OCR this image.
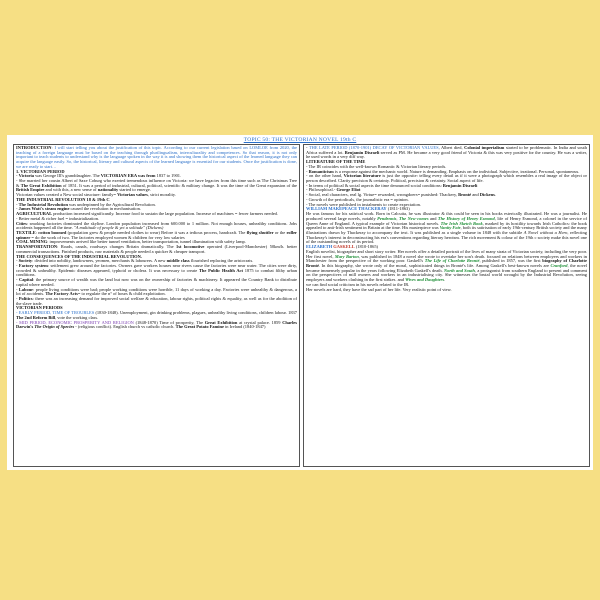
TOPIC 50: THE VICTORIAN NOVEL 19th C

INTRODUCTION: I will start telling you about the justification of this topic. According to our current legislation based on LOMLOE from 2020, the teaching of a foreign language must be based on the teaching through plurilingualism, interculturality and competences. So that reason, it is not only important to teach students to understand why is the language spoken in the way it is and showing them the historical aspect of the learned language they can acquire the language easily. So, the historical, literary and cultural aspects of the learned language is essential for our students. Once the justification is done, we are ready to start…

1. VICTORIAN PERIOD

- Victoria was George III's granddaughter. The VICTORIAN ERA was from 1837 to 1901.

- She married her cousin Albert of Saxe Coburg who exerted tremendous influence on Victoria: we have legacies from this time such as The Christmas Tree & The Great Exhibition of 1851. It was a period of industrial, cultural, political, scientific & military change. It was the time of the Great expansion of the British Empire and with this, a new sense of nationality started to emerge.

Victorian values created a New social structure: family= Victorian values, strict morality.

THE INDUSTRIAL REVOLUTION 18 & 19th C

- The Industrial Revolution was underpinned by the Agricultural Revolution.

- James Watt's steam engine caused the revolution in mechanisation.

AGRICULTURAL production increased significantly. Increase food to sustain the large population. Increase of machines = fewer farmers needed.

- Better metal & richer fuel = industrialization.

Cities: smoking factories dominated the skyline. London population increased from 600.000 to 1 million. Not enough houses, unhealthy conditions. Jobs accidents happened all the time. "A multitude of people & yet a solitude" (Dickens)

TEXTILE: cotton boomed (population grew & people needed clothes to wear) Before it was a tedious process, handcraft. The flying shuttler or the roller spinner = do the work of two. The factories employed women & children for very low salaries

COAL MINING: improvements arrived like better tunnel ventilation, better transportation, tunnel illumination with safety lamp.

TRANSPORTATION: Roads, canals, roadways changes Britain dramatically. The 1st locomotive operated (Liverpool-Manchester) 50km/h. better commercial transactions. Finished products, raw materials & people needed a quicker & cheaper transport.

THE CONSEQUENCES OF THE INDUSTRIAL REVOLUTION.

- Society: divided into nobility, landowners, yeomen, merchants & labourers. A new middle class flourished replacing the aristocrats.

- Factory system: settlement grew around the factories. Owners gave workers houses near rivers cause the factories were near water. The cities were dirty, crowded & unhealthy. Epidemic diseases appeared, typhoid or cholera. It was necessary to create The Public Health Act 1875 to combat filthy urban conditions.

- Capital: the primary source of wealth was the land but now was on the ownership of factories & machinery. It appeared the Country Bank to distribute capital where needed.

- Labour: people living conditions were bad; people working conditions were horrible, 11 days of working a day. Factories were unhealthy & dangerous, a lot of accidents. The Factory Acts= to regulate the n° of hours & child exploitation.

- Politics: there was an increasing demand for improved social welfare & education, labour rights, political rights & equality, as well as for the abolition of the slave trade.

VICTORIAN PERIODS

- EARLY PERIOD, TIME OF TROUBLES (1830-1848). Unemployment, gin drinking problems, plagues, unhealthy living conditions, children labour. 1837 The 2nd Reform Bill, vote the working class.

- MID PERIOD, ECONOMIC PROSPERITY AND RELIGION (1848-1870) Time of prosperity, The Great Exhibition at crystal palace. 1859 Charles Darwin's The Origin of Species - (religious conflict). English church vs catholic church. The Great Potato Famine in Ireland (1840-1847)

- THE LATE PERIOD (1870-1901) DECAY OF VICTORIAN VALUES, Albert died, Colonial imperialism started to be problematic. In India and south Africa suffered a lot. Benjamin Disraeli served as PM. He became a very good friend of Victoria & this was very positive for the country. He was a writer, he used words in a very diff way.

LITERATURE OF THE TIME

- The IR coincides with the well-known Romantic & Victorian literary periods.

- Romanticism is a response against the mechanic world. Nature is demanding. Emphasis on the individual. Subjective, irrational. Personal, spontaneous.

- on the other hand, Victorian literature is just the opposite: telling every detail as if it were a photograph which resembles a real image of the object or person described. Clarity precision & certainty. Political, precision & certainty. Social aspect of life.

- In terms of political & social aspects the time denounced social conditions: Benjamin Disraeli

- Philosophical.- George Eliot

- Social, real characters, real lg. Virtue= rewarded, wrongdoers= punished: Thackery, Bronté and Dickens.

- Growth of the periodicals, the journalistic era = opinion.

- The novels were published in instalments to create expectation.

WILLIAM MAKEPEACE THACKERAY (1811-1863)

He was famous for his satirical work. Born in Calcutta, he was illustrator & this could be seen in his books esterically illustrated. He was a journalist. He produced several large novels, notably Pendennis, The New-comes and The History of Henry Esmond, life of Henry Esmond, a colonel in the service of Queen Anne of England. A typical example of Victorian historical novels. The Irish Sketch Book, marked by its hostility towards Irish Catholics: the book appealed to anti-Irish sentiment in Britain at the time. His masterpiece was Vanity Fair, both its satirisation of early 19th-century British society and the many illustrations drawn by Thackeray to accompany the text. It was published as a single volume in 1848 with the subtitle A Novel without a Hero, reflecting Thackeray's interest in deconstructing his era's conventions regarding literary heroism. The rich movement & colour of the 19th c society make this novel one of the outstanding novels of its period.

ELIZABETH GASKELL (1810-1865)

English novelist, biographer and short story writer. Her novels offer a detailed portrait of the lives of many strata of Victorian society, including the very poor. Her first novel, Mary Barton, was published in 1848 a novel she wrote to overtake her son's death. focused on relations between employers and workers in Manchester from the perspective of the working poor. Gaskell's The Life of Charlotte Bronté, published in 1857, was the first biography of Charlotte Bronté. In this biography, she wrote only of the moral, sophisticated things in Bronté's life. Among Gaskell's best-known novels are Cranford, the novel became immensely popular in the years following Elizabeth Gaskell's death. North and South, a protagonist from southern England to present and comment on the perspectives of mill owners and workers in an industrialising city. She witnesses the brutal world wrought by the Industrial Revolution, seeing employers and workers clashing in the first strikes. and Wives and Daughters.

we can find social criticism in his novels related to the IR.

Her novels are hard, they have the sad part of her life. Very realistic point of view.
